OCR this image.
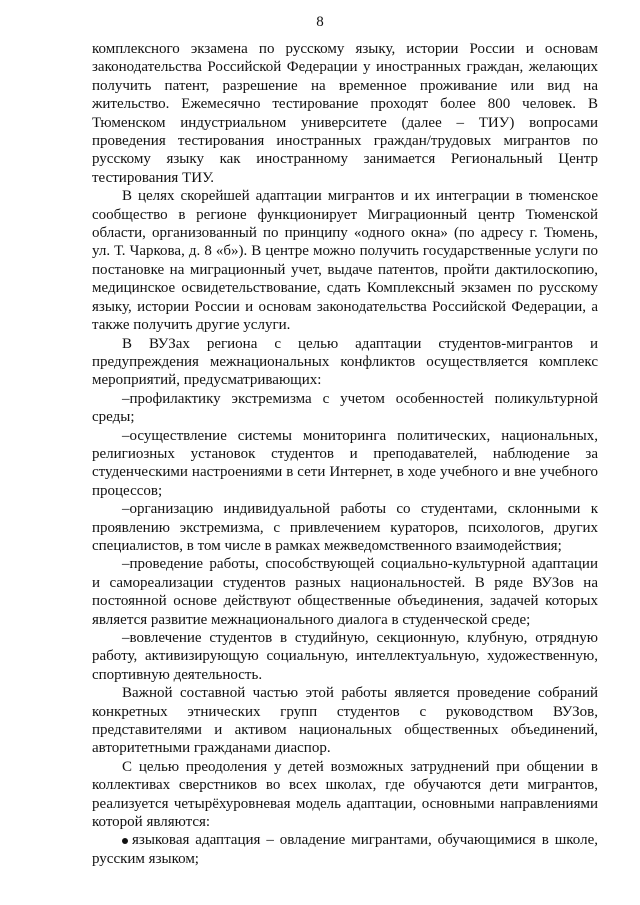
8

комплексного экзамена по русскому языку, истории России и основам законодательства Российской Федерации у иностранных граждан, желающих получить патент, разрешение на временное проживание или вид на жительство. Ежемесячно тестирование проходят более 800 человек. В Тюменском индустриальном университете (далее – ТИУ) вопросами проведения тестирования иностранных граждан/трудовых мигрантов по русскому языку как иностранному занимается Региональный Центр тестирования ТИУ.

В целях скорейшей адаптации мигрантов и их интеграции в тюменское сообщество в регионе функционирует Миграционный центр Тюменской области, организованный по принципу «одного окна» (по адресу г. Тюмень, ул. Т. Чаркова, д. 8 «б»). В центре можно получить государственные услуги по постановке на миграционный учет, выдаче патентов, пройти дактилоскопию, медицинское освидетельствование, сдать Комплексный экзамен по русскому языку, истории России и основам законодательства Российской Федерации, а также получить другие услуги.

В ВУЗах региона с целью адаптации студентов-мигрантов и предупреждения межнациональных конфликтов осуществляется комплекс мероприятий, предусматривающих:

–профилактику экстремизма с учетом особенностей поликультурной среды;

–осуществление системы мониторинга политических, национальных, религиозных установок студентов и преподавателей, наблюдение за студенческими настроениями в сети Интернет, в ходе учебного и вне учебного процессов;

–организацию индивидуальной работы со студентами, склонными к проявлению экстремизма, с привлечением кураторов, психологов, других специалистов, в том числе в рамках межведомственного взаимодействия;

–проведение работы, способствующей социально-культурной адаптации и самореализации студентов разных национальностей. В ряде ВУЗов на постоянной основе действуют общественные объединения, задачей которых является развитие межнационального диалога в студенческой среде;

–вовлечение студентов в студийную, секционную, клубную, отрядную работу, активизирующую социальную, интеллектуальную, художественную, спортивную деятельность.

Важной составной частью этой работы является проведение собраний конкретных этнических групп студентов с руководством ВУЗов, представителями и активом национальных общественных объединений, авторитетными гражданами диаспор.

С целью преодоления у детей возможных затруднений при общении в коллективах сверстников во всех школах, где обучаются дети мигрантов, реализуется четырёхуровневая модель адаптации, основными направлениями которой являются:

языковая адаптация – овладение мигрантами, обучающимися в школе, русским языком;
